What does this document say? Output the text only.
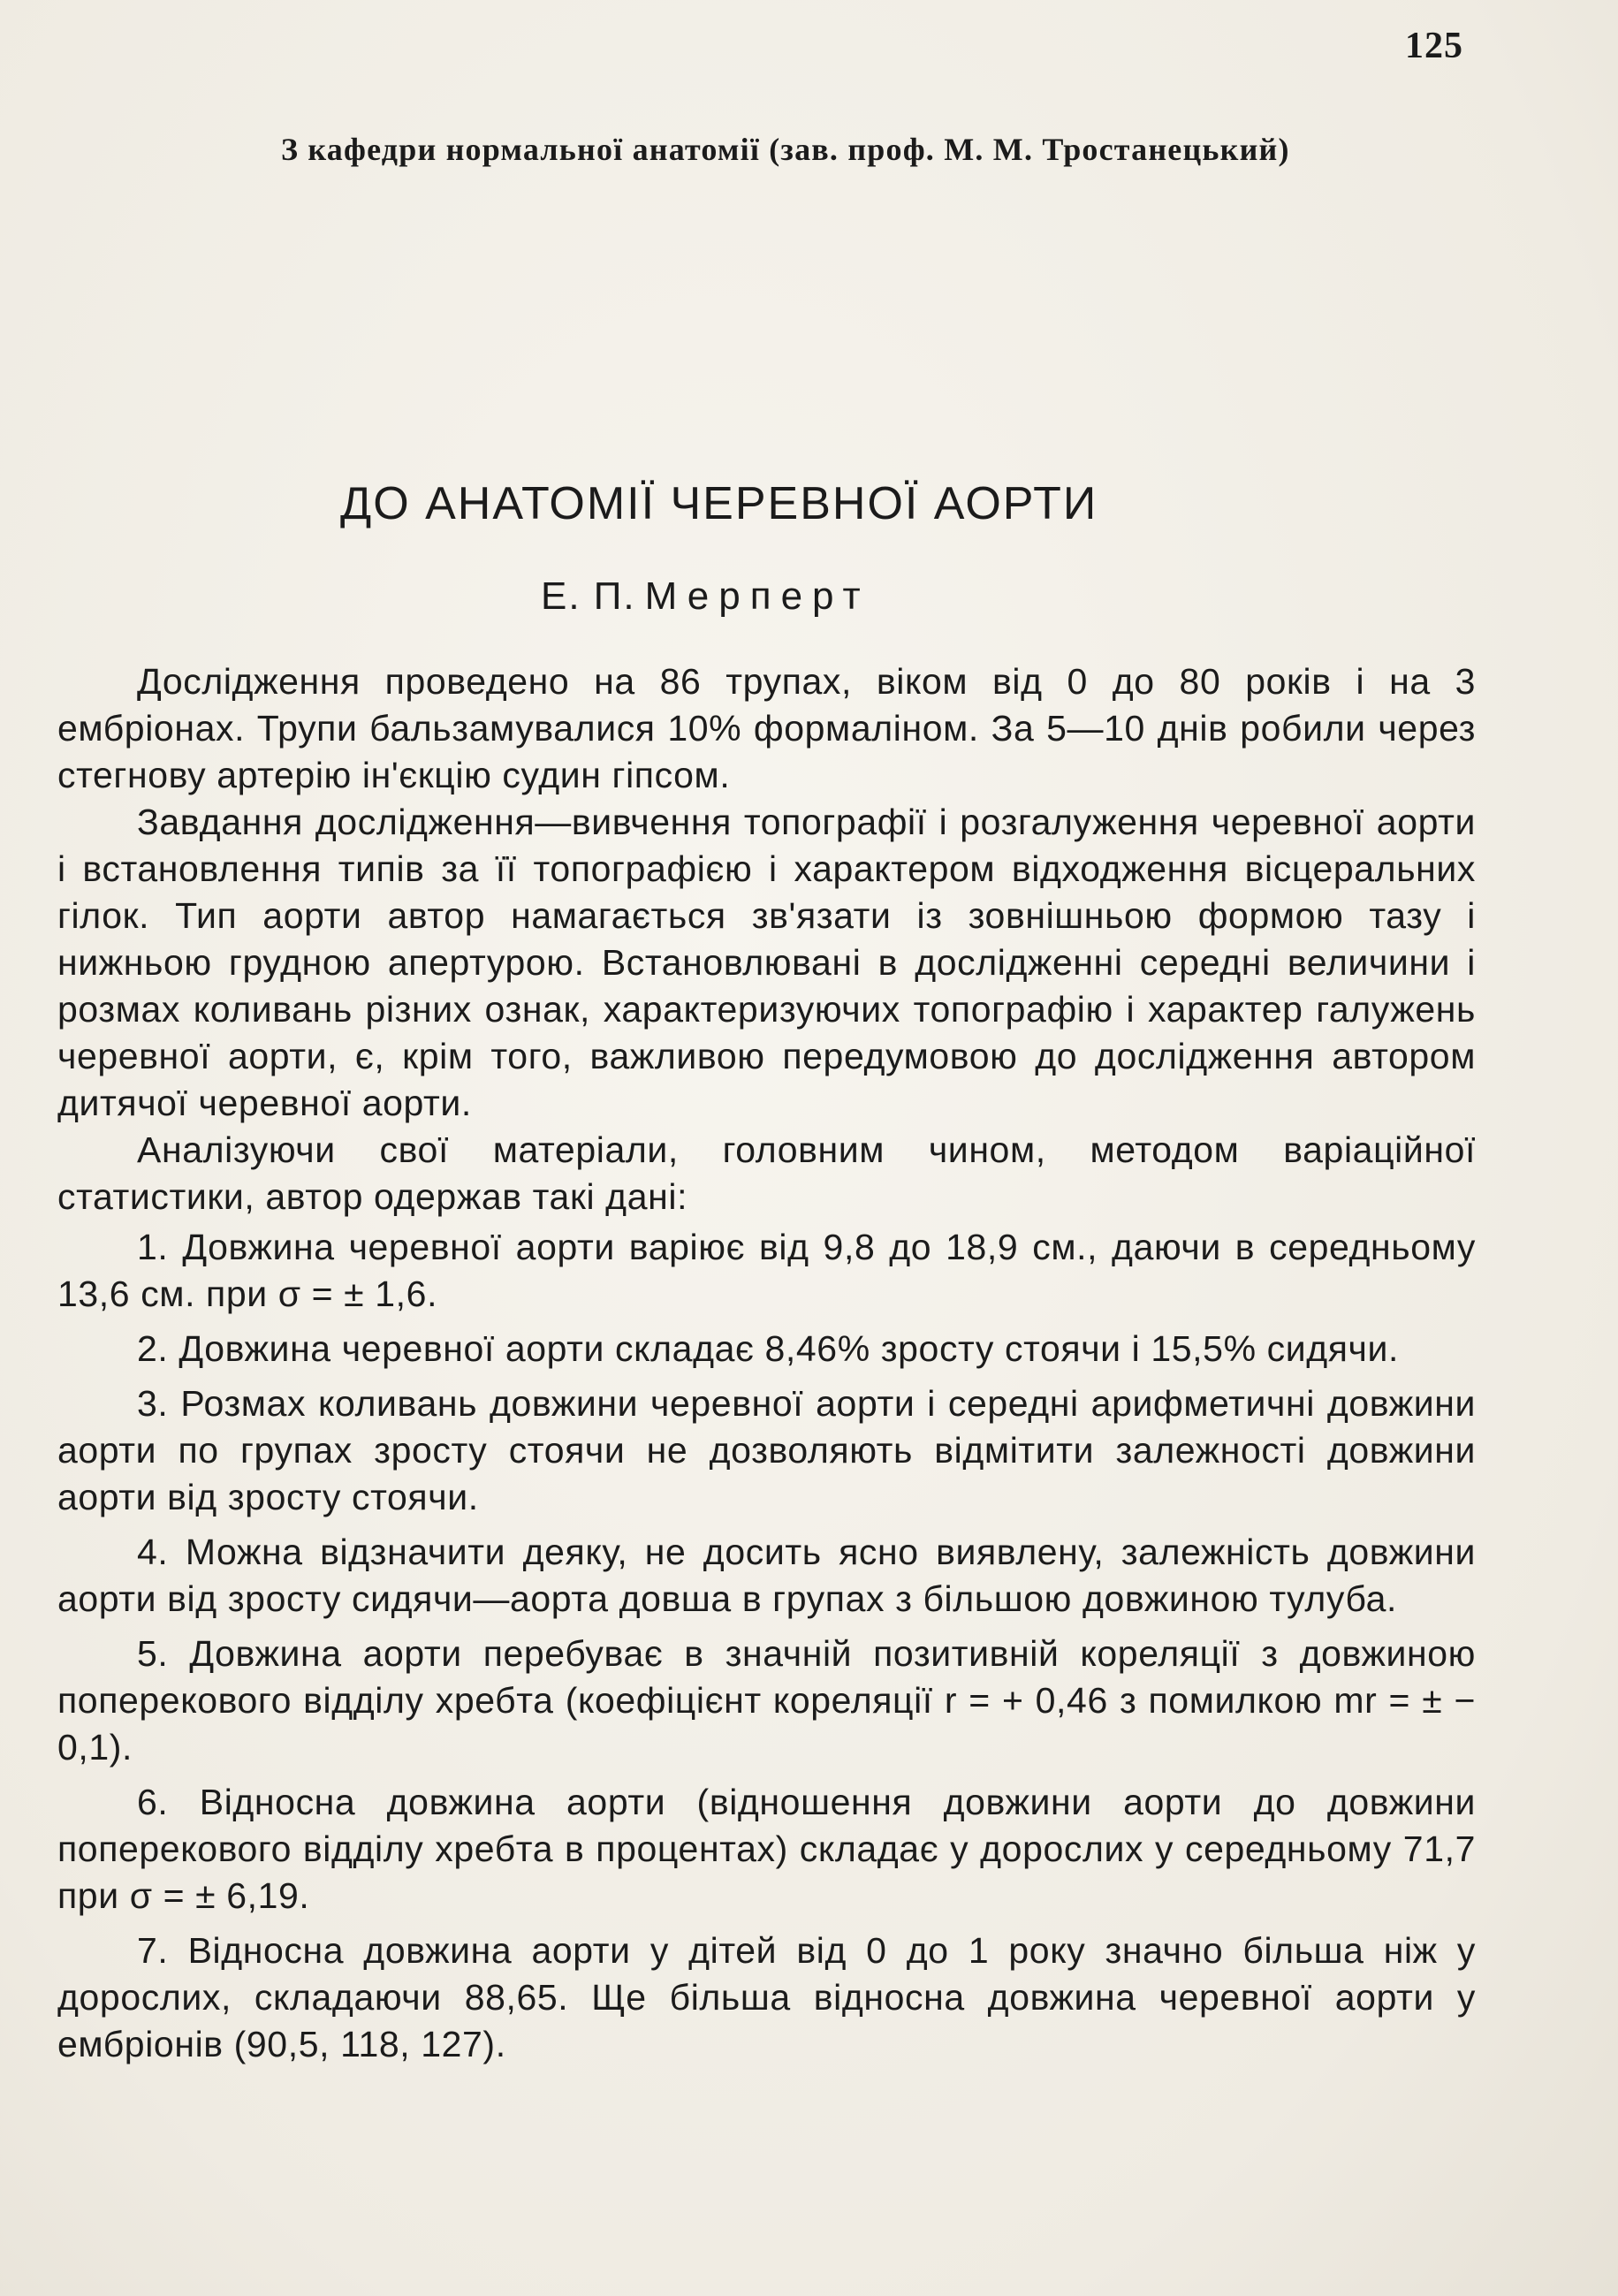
125
З кафедри нормальної анатомії (зав. проф. М. М. Тростанецький)
ДО АНАТОМІЇ ЧЕРЕВНОЇ АОРТИ
Е. П. Мерперт

Дослідження проведено на 86 трупах, віком від 0 до 80 років і на 3 ембріонах. Трупи бальзамувалися 10% формаліном. За 5—10 днів робили через стегнову артерію ін'єкцію судин гіпсом.

Завдання дослідження—вивчення топографії і розгалуження черевної аорти і встановлення типів за її топографією і характером відходження вісцеральних гілок. Тип аорти автор намагається зв'язати із зовнішньою формою тазу і нижньою грудною апертурою. Встановлювані в дослідженні середні величини і розмах коливань різних ознак, характеризуючих топографію і характер галужень черевної аорти, є, крім того, важливою передумовою до дослідження автором дитячої черевної аорти.

Аналізуючи свої матеріали, головним чином, методом варіаційної статистики, автор одержав такі дані:

1. Довжина черевної аорти варіює від 9,8 до 18,9 см., даючи в середньому 13,6 см. при σ = ± 1,6.
2. Довжина черевної аорти складає 8,46% зросту стоячи і 15,5% сидячи.
3. Розмах коливань довжини черевної аорти і середні арифметичні довжини аорти по групах зросту стоячи не дозволяють відмітити залежності довжини аорти від зросту стоячи.
4. Можна відзначити деяку, не досить ясно виявлену, залежність довжини аорти від зросту сидячи—аорта довша в групах з більшою довжиною тулуба.
5. Довжина аорти перебуває в значній позитивній кореляції з довжиною поперекового відділу хребта (коефіцієнт кореляції r = + 0,46 з помилкою mr = ± − 0,1).
6. Відносна довжина аорти (відношення довжини аорти до довжини поперекового відділу хребта в процентах) складає у дорослих у середньому 71,7 при σ = ± 6,19.
7. Відносна довжина аорти у дітей від 0 до 1 року значно більша ніж у дорослих, складаючи 88,65. Ще більша відносна довжина черевної аорти у ембріонів (90,5, 118, 127).
